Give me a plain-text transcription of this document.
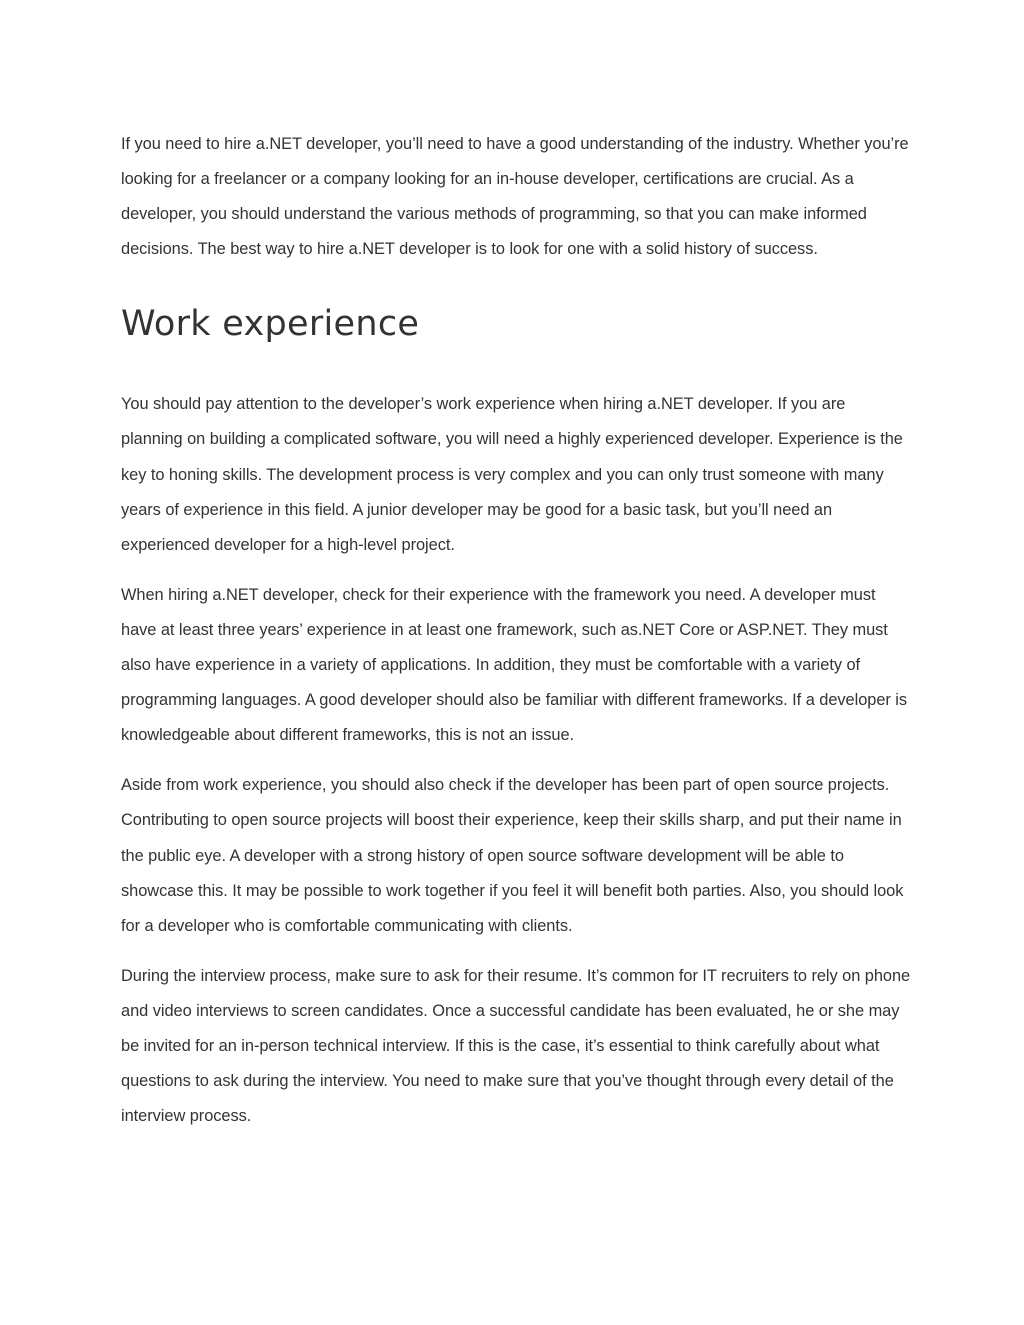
If you need to hire a.NET developer, you’ll need to have a good understanding of the industry. Whether you’re looking for a freelancer or a company looking for an in-house developer, certifications are crucial. As a developer, you should understand the various methods of programming, so that you can make informed decisions. The best way to hire a.NET developer is to look for one with a solid history of success.

Work experience

You should pay attention to the developer’s work experience when hiring a.NET developer. If you are planning on building a complicated software, you will need a highly experienced developer. Experience is the key to honing skills. The development process is very complex and you can only trust someone with many years of experience in this field. A junior developer may be good for a basic task, but you’ll need an experienced developer for a high-level project.

When hiring a.NET developer, check for their experience with the framework you need. A developer must have at least three years’ experience in at least one framework, such as.NET Core or ASP.NET. They must also have experience in a variety of applications. In addition, they must be comfortable with a variety of programming languages. A good developer should also be familiar with different frameworks. If a developer is knowledgeable about different frameworks, this is not an issue.

Aside from work experience, you should also check if the developer has been part of open source projects. Contributing to open source projects will boost their experience, keep their skills sharp, and put their name in the public eye. A developer with a strong history of open source software development will be able to showcase this. It may be possible to work together if you feel it will benefit both parties. Also, you should look for a developer who is comfortable communicating with clients.

During the interview process, make sure to ask for their resume. It’s common for IT recruiters to rely on phone and video interviews to screen candidates. Once a successful candidate has been evaluated, he or she may be invited for an in-person technical interview. If this is the case, it’s essential to think carefully about what questions to ask during the interview. You need to make sure that you’ve thought through every detail of the interview process.
